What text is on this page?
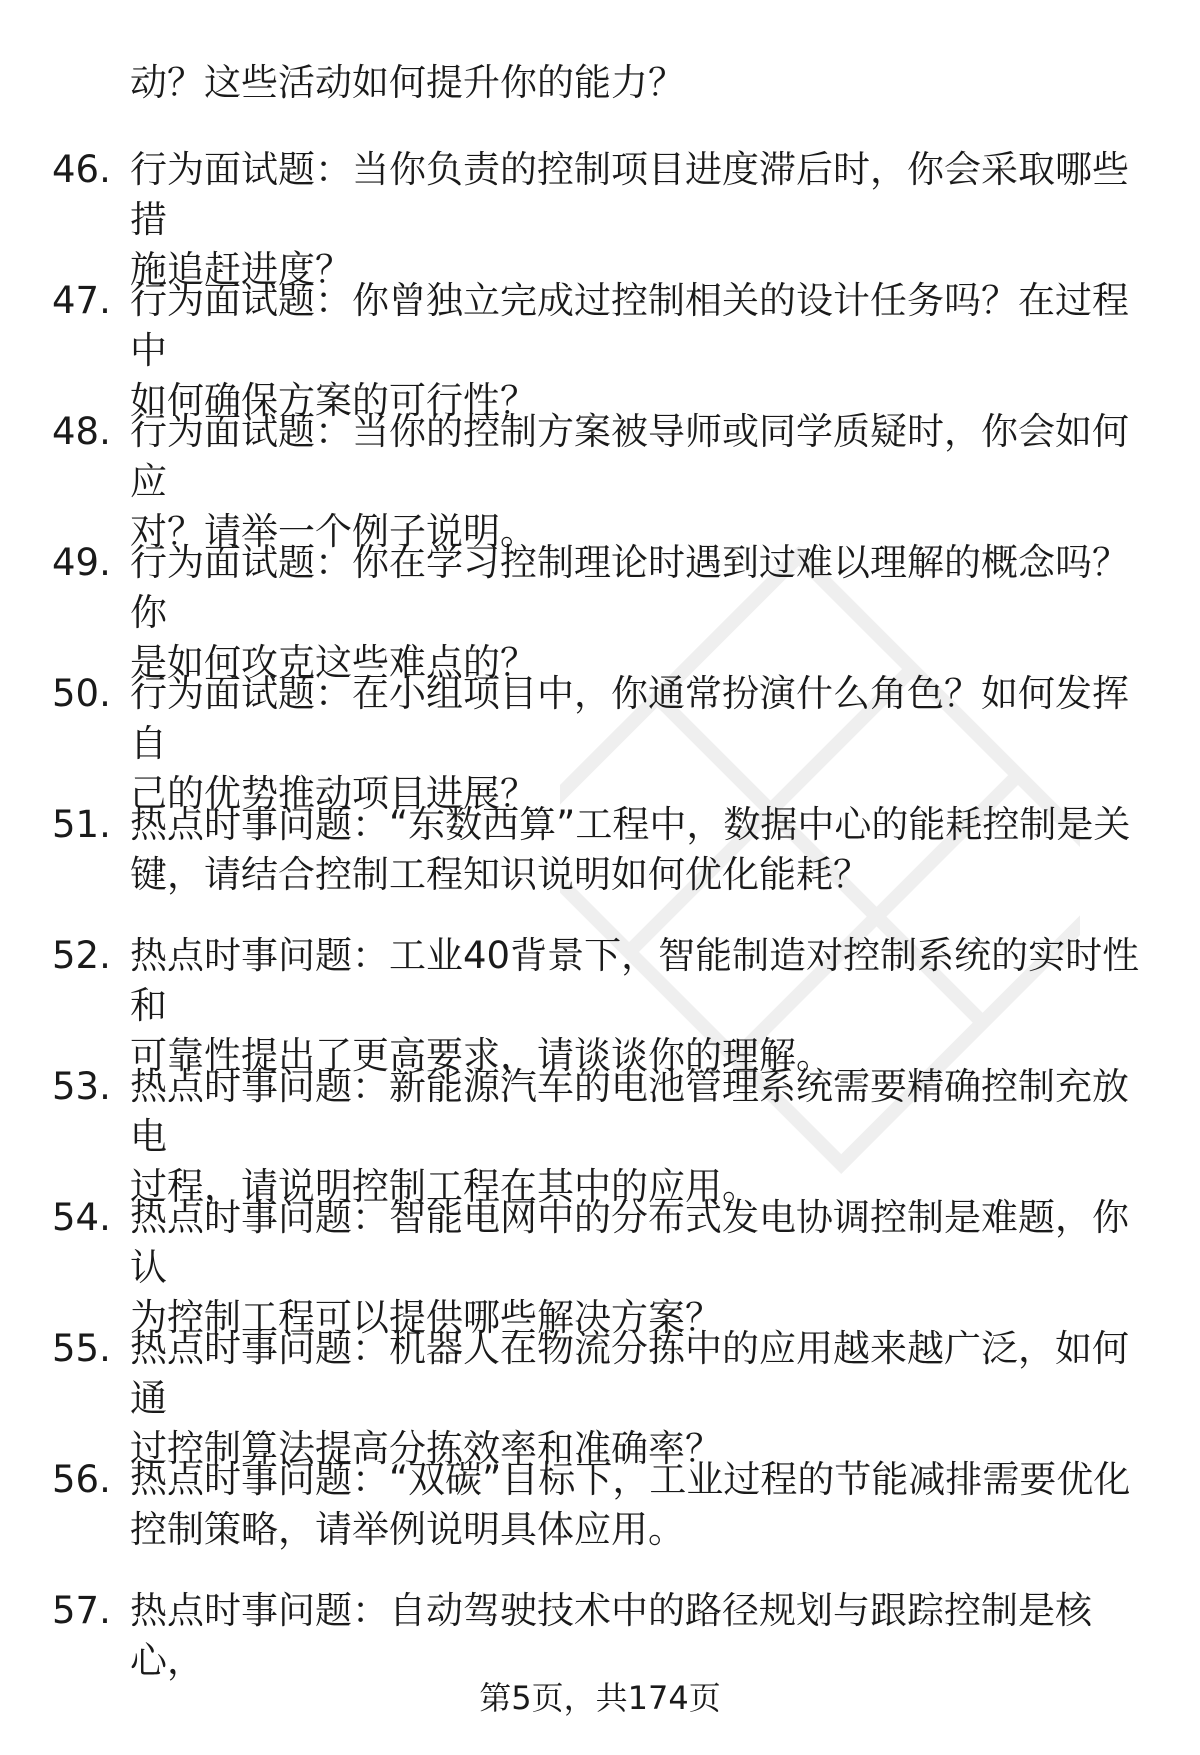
动？这些活动如何提升你的能力？
46. 行为面试题：当你负责的控制项目进度滞后时，你会采取哪些措
施追赶进度？
47. 行为面试题：你曾独立完成过控制相关的设计任务吗？在过程中
如何确保方案的可行性？
48. 行为面试题：当你的控制方案被导师或同学质疑时，你会如何应
对？请举一个例子说明。
49. 行为面试题：你在学习控制理论时遇到过难以理解的概念吗？你
是如何攻克这些难点的？
50. 行为面试题：在小组项目中，你通常扮演什么角色？如何发挥自
己的优势推动项目进展？
51. 热点时事问题：“东数西算”工程中，数据中心的能耗控制是关
键，请结合控制工程知识说明如何优化能耗？
52. 热点时事问题：工业40背景下，智能制造对控制系统的实时性和
可靠性提出了更高要求，请谈谈你的理解。
53. 热点时事问题：新能源汽车的电池管理系统需要精确控制充放电
过程，请说明控制工程在其中的应用。
54. 热点时事问题：智能电网中的分布式发电协调控制是难题，你认
为控制工程可以提供哪些解决方案？
55. 热点时事问题：机器人在物流分拣中的应用越来越广泛，如何通
过控制算法提高分拣效率和准确率？
56. 热点时事问题：“双碳”目标下，工业过程的节能减排需要优化
控制策略，请举例说明具体应用。
57. 热点时事问题：自动驾驶技术中的路径规划与跟踪控制是核心，
第5页，共174页
